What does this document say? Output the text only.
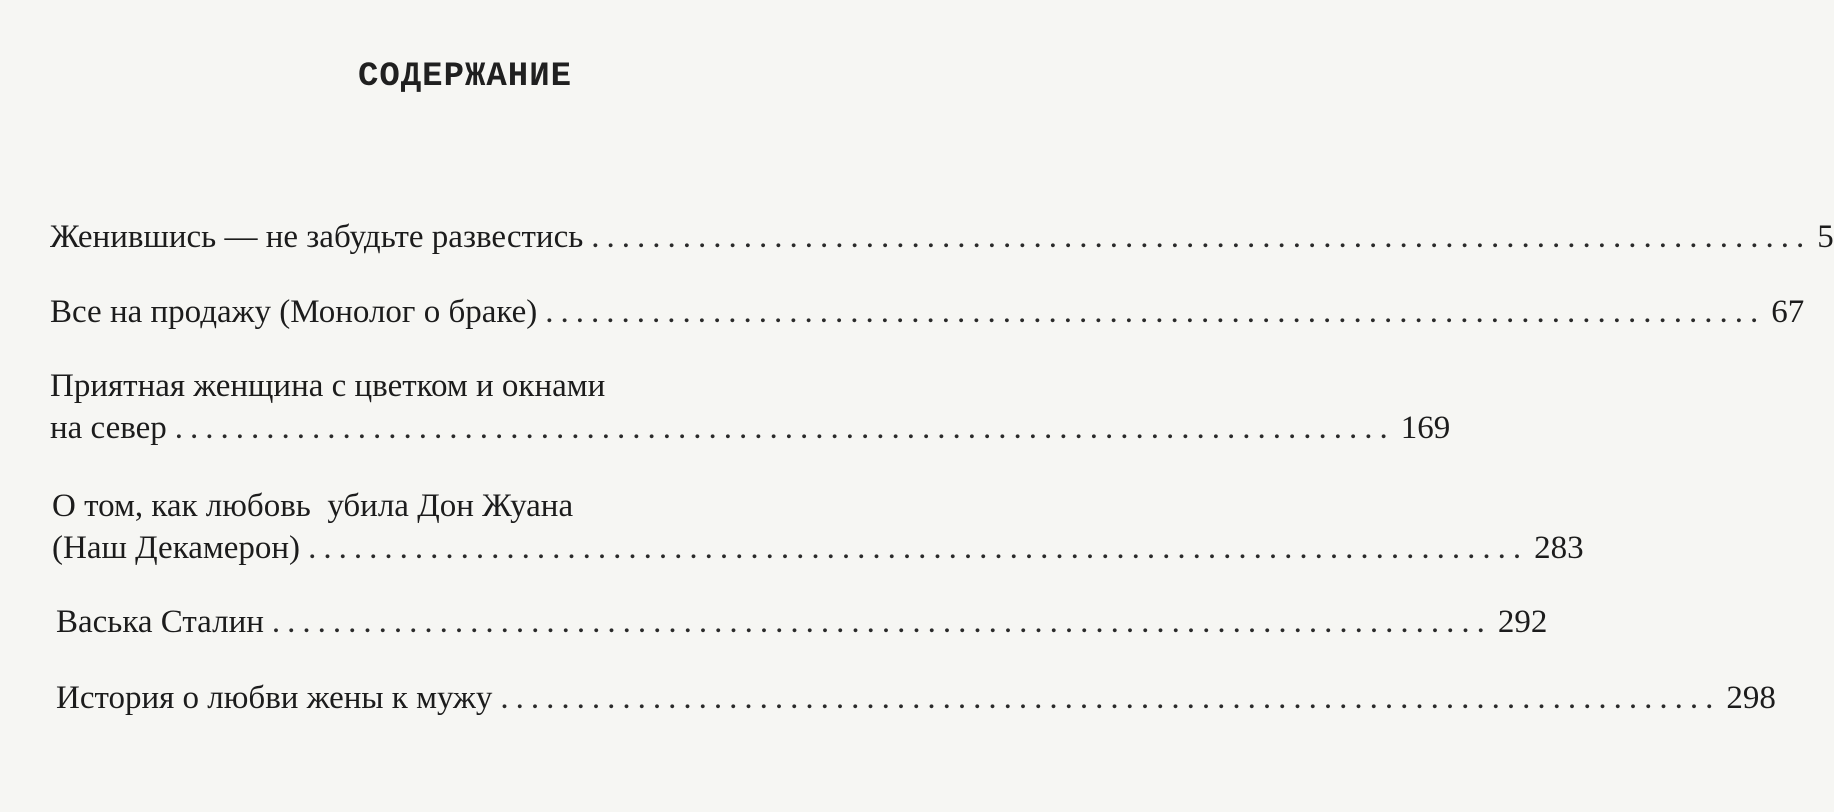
СОДЕРЖАНИЕ
Женившись — не забудьте развестись ................................................................................ 5
Все на продажу (Монолог о браке) ................................................................................ 67
Приятная женщина с цветком и окнами
на север ................................................................................ 169
О том, как любовь  убила Дон Жуана
(Наш Декамерон) ................................................................................ 283
Васька Сталин ................................................................................ 292
История о любви жены к мужу ................................................................................ 298
